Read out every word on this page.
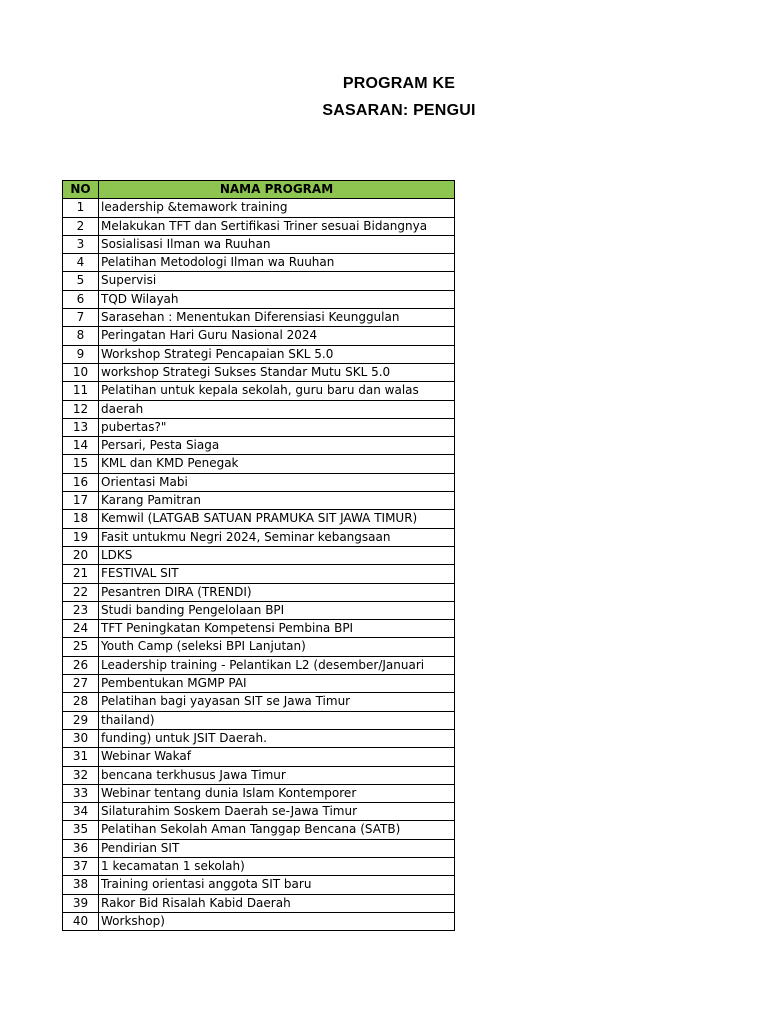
PROGRAM KE
SASARAN: PENGUI
NO	NAMA PROGRAM
1	leadership &temawork training
2	Melakukan TFT dan Sertifikasi Triner sesuai Bidangnya
3	Sosialisasi Ilman wa Ruuhan
4	Pelatihan Metodologi Ilman wa Ruuhan
5	Supervisi
6	TQD Wilayah
7	Sarasehan : Menentukan Diferensiasi Keunggulan
8	Peringatan Hari Guru Nasional 2024
9	Workshop Strategi Pencapaian SKL 5.0
10	workshop Strategi Sukses Standar Mutu SKL 5.0
11	Pelatihan untuk kepala sekolah, guru baru dan walas
12	daerah
13	pubertas?"
14	Persari, Pesta Siaga
15	KML dan KMD Penegak
16	Orientasi Mabi
17	Karang Pamitran
18	Kemwil (LATGAB SATUAN PRAMUKA SIT JAWA TIMUR)
19	Fasit untukmu Negri 2024, Seminar kebangsaan
20	LDKS
21	FESTIVAL SIT
22	Pesantren DIRA (TRENDI)
23	Studi banding Pengelolaan BPI
24	TFT Peningkatan Kompetensi Pembina BPI
25	Youth Camp (seleksi BPI Lanjutan)
26	Leadership training - Pelantikan L2 (desember/Januari
27	Pembentukan MGMP PAI
28	Pelatihan bagi yayasan SIT se Jawa Timur
29	thailand)
30	funding) untuk JSIT Daerah.
31	Webinar Wakaf
32	bencana terkhusus Jawa Timur
33	Webinar tentang dunia Islam Kontemporer
34	Silaturahim Soskem Daerah se-Jawa Timur
35	Pelatihan Sekolah Aman Tanggap Bencana (SATB)
36	Pendirian SIT
37	1 kecamatan 1 sekolah)
38	Training orientasi anggota SIT baru
39	Rakor Bid Risalah Kabid Daerah
40	Workshop)
